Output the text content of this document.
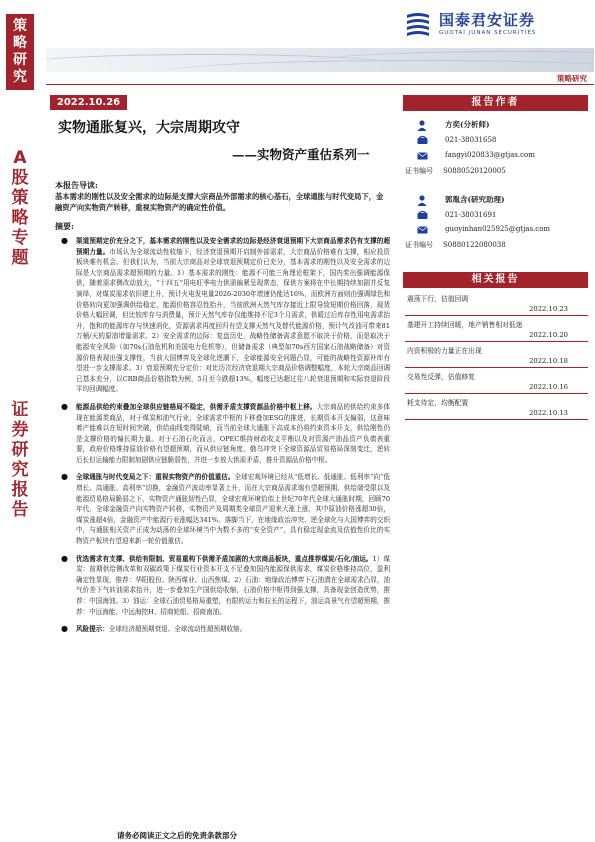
策
略
研
究
A
股
策
略
专
题
证
券
研
究
报
告
国泰君安证券
GUOTAI JUNAN SECURITIES
策略研究
2022.10.26
实物通胀复兴，大宗周期攻守
——实物资产重估系列一
本报告导读:
基本需求的刚性以及安全需求的边际是支撑大宗商品外部需求的核心基石，全球通胀与时代变局下，金融资产向实物资产转移，重视实物资产的确定性价值。
摘要:
● 渠道预期定价充分之下，基本需求的刚性以及安全需求的边际是经济衰退预期下大宗商品需求仍有支撑的超预期力量。市场认为全球流动性收缩下，经济衰退预期开启制外部需求，大宗商品价格难有支撑，相应投资板块难有机会。但我们认为，当前大宗商品对全球衰退预期定价已充分，基本需求的刚性以及安全需求的边际是大宗商品需求超预期的力量。1）基本需求的刚性：能源不可能三角理论框架下，国内奖出强调能源保供，随着需求侧改动放大，“十四五”用电旺季电力供需偏紧呈现常态，保供方案将在中长期持续加剧并反复演绎，对煤炭需求依旧建上升，预计火电发电量2026-2030年增速仍能达16%，而欧洲方面则由强调绿色和价格转向更加强调供给稳定，能源价格容忍性抬升，当前欧洲天然气库存接近上限导致短期价格回落，现货价格大幅回调，但比较库存与消费量，预计天然气库存仅能维持不足3个月需求，供暖过后库存性用电需求抬升，饱和的能源库存与快速消化，资源需求再度回归有望支撑天然气及替代能源价格，预计气改油可带来81万桶/天的原油增量需求。2）安全需求的边际：复盘历史，战略性储备需求意愿不取决于价格，而是取决于能源安全风险（如70s石油危机和美国电力危机等），但储备需求（典型如70s西方国家石油战略储备）对资源价格表现出强支撑性，当前大国博弈及全球化逆潮下，全球能源安全问题凸显，可能的战略性资源补库有望进一步支撑需求。3）衰退预期充分定价：对比历次经济衰退期大宗商品价格调整幅度，本轮大宗商品回调已基本充分，以CRB商品价格指数为例，5月至今跌超13%，幅度已达超过往八轮衰退预期和实际衰退阶段平均回调幅度。
● 能源品供给约束叠加全球供应链格局不稳定，供需矛盾支撑资源品价格中枢上移。大宗商品的供给约束多体现在能源类商品，对于煤炭和油气行业，全球需求中枢的下移叠加ESG的推进，长期资本开支偏弱，这意味着产能难以在短时间突破，供给曲线变得陡峭，而当前全球大通胀下高成本仍将约束资本开支，供给刚性仍是支撑价格的偏长期力量。对于石油石化而言，OPEC维持财政收支平衡以及对资源产油品资产负债表重要，政府价格维持原油价格有望超预期，而从供应链角度，俄乌冲突下全球资源品贸易格局深刻变迁，逆转后长但运输能力限制加剧供应链脆弱性，并进一步放大供需矛盾，推升资源品价格中枢。
● 全球通胀与时代变局之下：重视实物资产的价值重估。全球宏观环境已经从“低增长、低通胀、低利率”向“低增长、高通胀、高利率”切换，金融资产波动率显著上升，而在大宗商品需求端有望超预期、供给端受限以及能源贸易格局脆弱之下，实物资产通胀韧性凸显，全球宏观环境恰似上世纪70年代全球大通胀时期，回顾70年代，全球金融资产向实物资产转移，实物资产及周期类全球资产迎来大涨上涨，其中原油价格涨超30倍，煤炭涨超4倍，金融资产中能源行业涨幅达341%。落脚当下，在地缘政治冲突、逆全球化与大国博弈的交织中，与通胀相关资产正成为动荡的全球环境当中为数不多的“安全资产”，具有稳定现金流及估值性价比的实物资产板块有望迎来新一轮价值重估。
● 优选需求有支撑、供给有限制、贸易重构下供需矛盾加剧的大宗商品板块，重点推荐煤炭/石化/油运。1）煤炭：前期供给侧改革和双碳政策下煤炭行业资本开支不足叠加国内能源保供需求，煤炭价格维持高位，盈利确定性显现，推荐：华阳股份、陕西煤业、山西焦煤。2）石油：地缘政治博弈下石油潜在全球需求凸显，油气价差下气转油需求抬升，进一步叠加生产国供给收缩，石油价格中枢得到强支撑，具备现金创造优势，推荐：中国海油。3）油运：全球石油贸易格局重塑，有限的运力和拉长的运程下，油运高景气有望超预期，推荐：中远海能、中远海控H、招商轮船、招商南油。
● 风险提示：全球经济超预期衰退、全球流动性超预期收缩。
请务必阅读正文之后的免责条款部分
报告作者
方奕(分析师)
021-38031658
fangyi020833@gtjas.com
证书编号 S0880520120005
郭胤含(研究助理)
021-38031691
guoyinhan025925@gtjas.com
证书编号 S0880122080038
相关报告
震荡下行，估值回调
2022.10.23
基建开工持续回暖，地产销售相对低迷
2022.10.20
内资积极的力量正在出现
2022.10.18
交易性反弹，估值修复
2022.10.16
耗支待定，均衡配置
2022.10.13
